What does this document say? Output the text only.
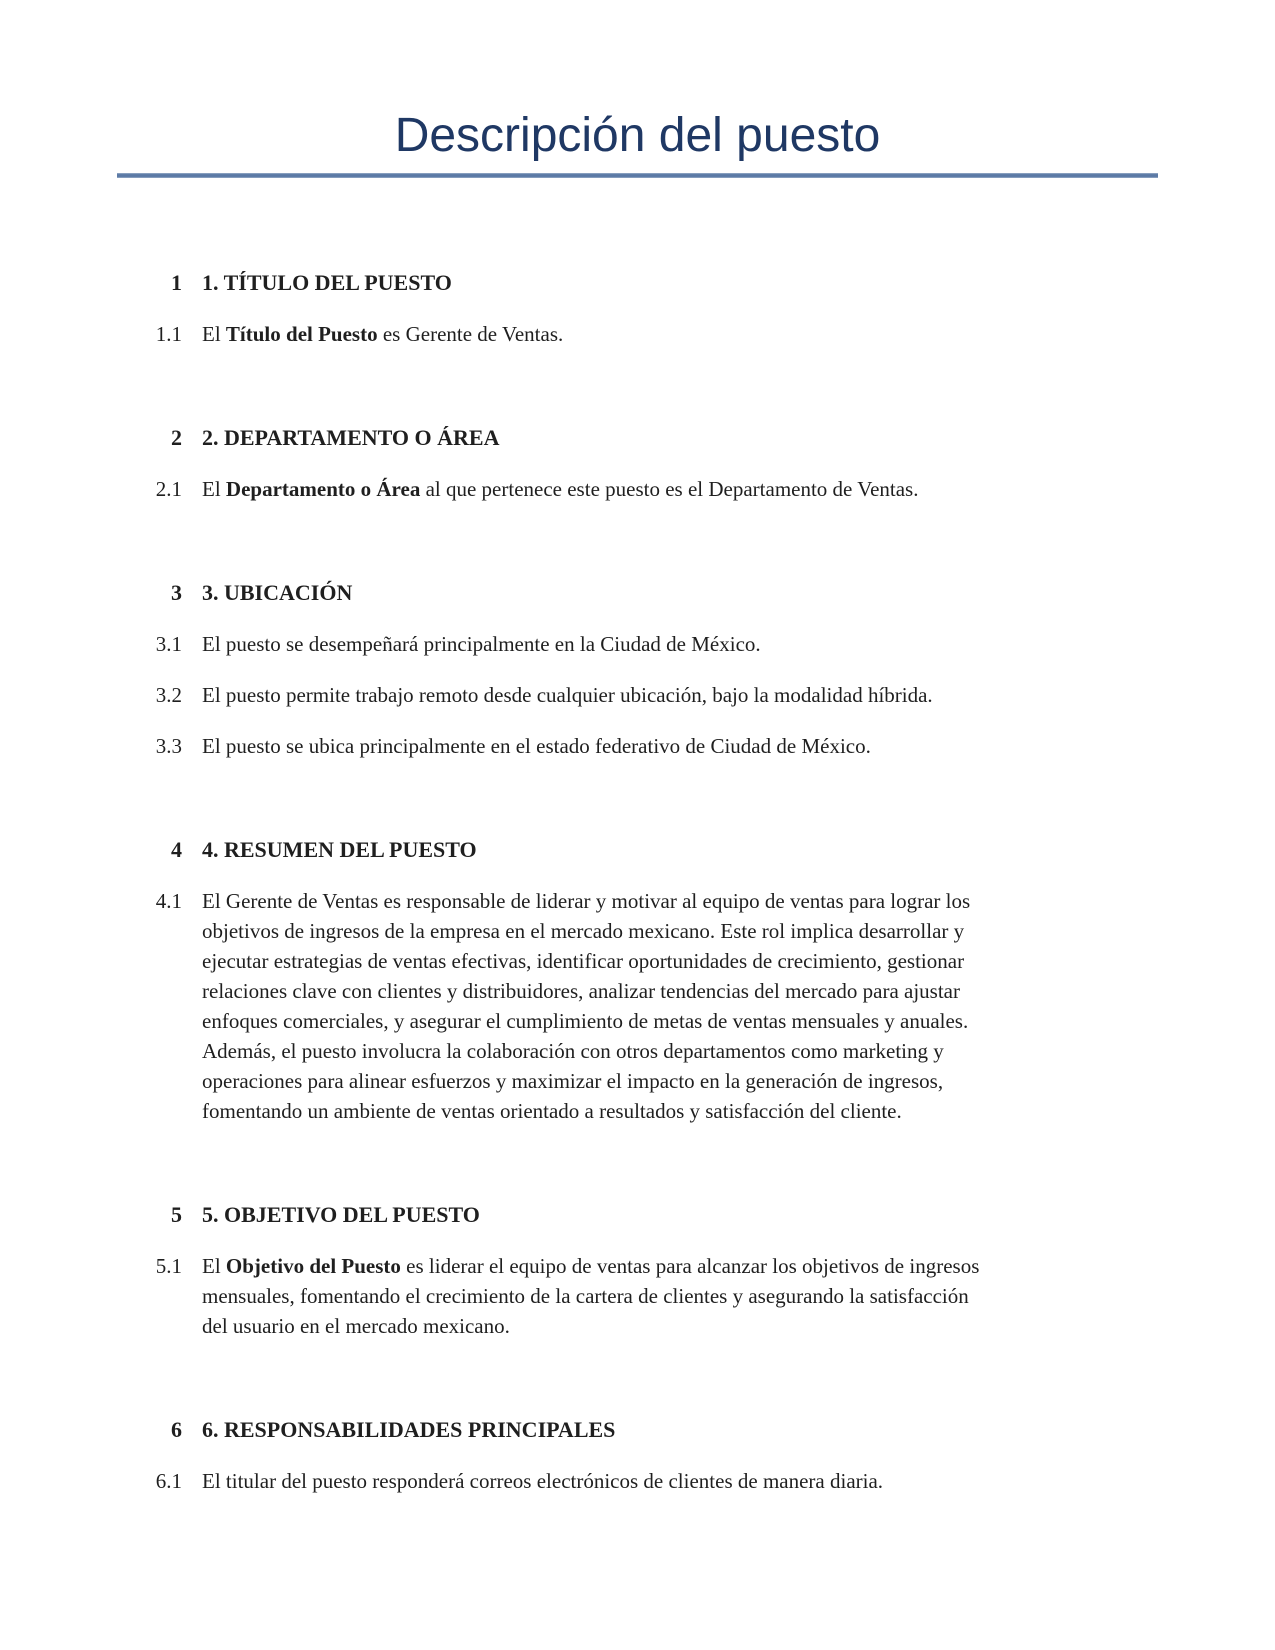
Descripción del puesto
1 1. TÍTULO DEL PUESTO
1.1 El Título del Puesto es Gerente de Ventas.
2 2. DEPARTAMENTO O ÁREA
2.1 El Departamento o Área al que pertenece este puesto es el Departamento de Ventas.
3 3. UBICACIÓN
3.1 El puesto se desempeñará principalmente en la Ciudad de México.
3.2 El puesto permite trabajo remoto desde cualquier ubicación, bajo la modalidad híbrida.
3.3 El puesto se ubica principalmente en el estado federativo de Ciudad de México.
4 4. RESUMEN DEL PUESTO
4.1 El Gerente de Ventas es responsable de liderar y motivar al equipo de ventas para lograr los
objetivos de ingresos de la empresa en el mercado mexicano. Este rol implica desarrollar y
ejecutar estrategias de ventas efectivas, identificar oportunidades de crecimiento, gestionar
relaciones clave con clientes y distribuidores, analizar tendencias del mercado para ajustar
enfoques comerciales, y asegurar el cumplimiento de metas de ventas mensuales y anuales.
Además, el puesto involucra la colaboración con otros departamentos como marketing y
operaciones para alinear esfuerzos y maximizar el impacto en la generación de ingresos,
fomentando un ambiente de ventas orientado a resultados y satisfacción del cliente.
5 5. OBJETIVO DEL PUESTO
5.1 El Objetivo del Puesto es liderar el equipo de ventas para alcanzar los objetivos de ingresos
mensuales, fomentando el crecimiento de la cartera de clientes y asegurando la satisfacción
del usuario en el mercado mexicano.
6 6. RESPONSABILIDADES PRINCIPALES
6.1 El titular del puesto responderá correos electrónicos de clientes de manera diaria.
